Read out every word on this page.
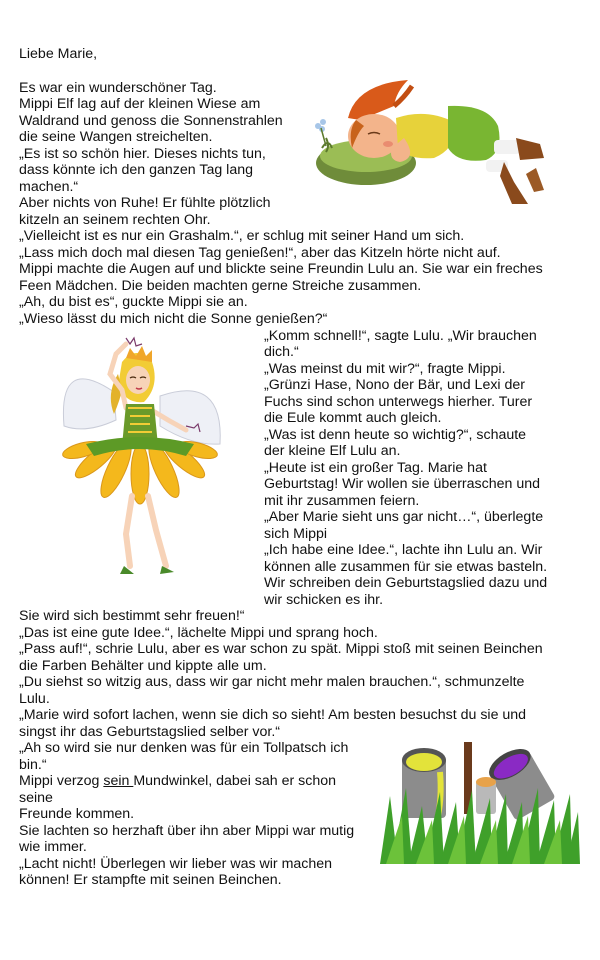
Liebe Marie,

Es war ein wunderschöner Tag.

Mippi Elf lag auf der kleinen Wiese am

Waldrand und genoss die Sonnenstrahlen

die seine Wangen streichelten.

„Es ist so schön hier. Dieses nichts tun,

dass könnte ich den ganzen Tag lang

machen.“

Aber nichts von Ruhe! Er fühlte plötzlich

kitzeln an seinem rechten Ohr.

„Vielleicht ist es nur ein Grashalm.“, er schlug mit seiner Hand um sich.

„Lass mich doch mal diesen Tag genießen!“, aber das Kitzeln hörte nicht auf.

Mippi machte die Augen auf und blickte seine Freundin Lulu an. Sie war ein freches

Feen Mädchen. Die beiden machten gerne Streiche zusammen.

„Ah, du bist es“, guckte Mippi sie an.

„Wieso lässt du mich nicht die Sonne genießen?“

„Komm schnell!“, sagte Lulu. „Wir brauchen

dich.“

„Was meinst du mit wir?“, fragte Mippi.

„Grünzi Hase, Nono der Bär, und Lexi der

Fuchs sind schon unterwegs hierher. Turer

die Eule kommt auch gleich.

„Was ist denn heute so wichtig?“, schaute

der kleine Elf Lulu an.

„Heute ist ein großer Tag. Marie hat

Geburtstag! Wir wollen sie überraschen und

mit ihr zusammen feiern.

„Aber Marie sieht uns gar nicht…“, überlegte

sich Mippi

„Ich habe eine Idee.“, lachte ihn Lulu an. Wir

können alle zusammen für sie etwas basteln.

Wir schreiben dein Geburtstagslied dazu und

wir schicken es ihr.

Sie wird sich bestimmt sehr freuen!“

„Das ist eine gute Idee.“, lächelte Mippi und sprang hoch.

„Pass auf!“, schrie Lulu, aber es war schon zu spät. Mippi stoß mit seinen Beinchen

die Farben Behälter und kippte alle um.

„Du siehst so witzig aus, dass wir gar nicht mehr malen brauchen.“, schmunzelte

Lulu.

„Marie wird sofort lachen, wenn sie dich so sieht! Am besten besuchst du sie und

singst ihr das Geburtstagslied selber vor.“

„Ah so wird sie nur denken was für ein Tollpatsch ich

bin.“

Mippi verzog sein Mundwinkel, dabei sah er schon

seine

Freunde kommen.

Sie lachten so herzhaft über ihn aber Mippi war mutig

wie immer.

„Lacht nicht! Überlegen wir lieber was wir machen

können! Er stampfte mit seinen Beinchen.
